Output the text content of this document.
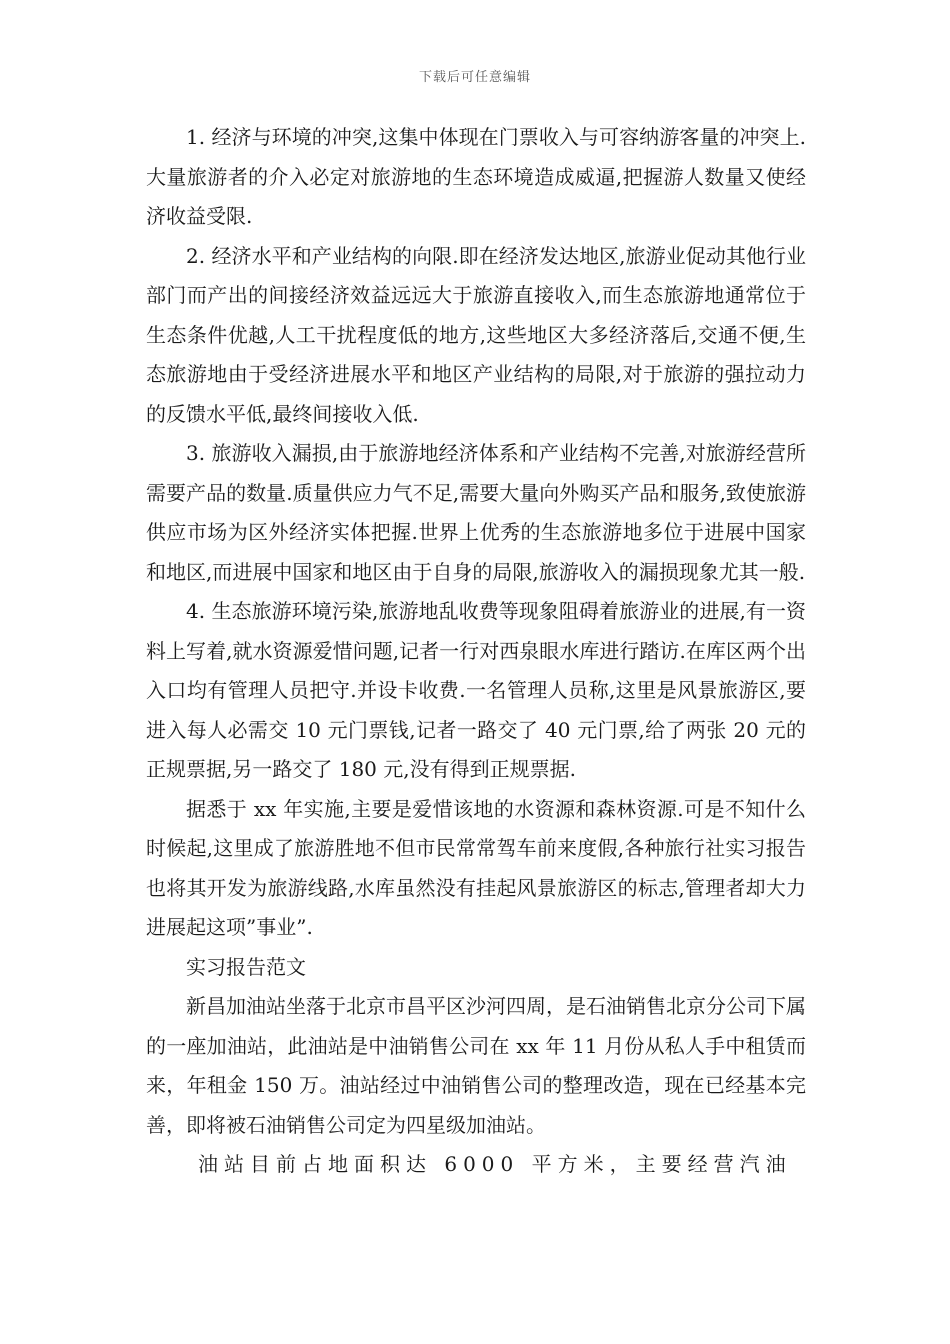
下载后可任意编辑

1. 经济与环境的冲突,这集中体现在门票收入与可容纳游客量的冲突上.大量旅游者的介入必定对旅游地的生态环境造成威逼,把握游人数量又使经济收益受限.

2. 经济水平和产业结构的向限.即在经济发达地区,旅游业促动其他行业部门而产出的间接经济效益远远大于旅游直接收入,而生态旅游地通常位于生态条件优越,人工干扰程度低的地方,这些地区大多经济落后,交通不便,生态旅游地由于受经济进展水平和地区产业结构的局限,对于旅游的强拉动力的反馈水平低,最终间接收入低.

3. 旅游收入漏损,由于旅游地经济体系和产业结构不完善,对旅游经营所需要产品的数量.质量供应力气不足,需要大量向外购买产品和服务,致使旅游供应市场为区外经济实体把握.世界上优秀的生态旅游地多位于进展中国家和地区,而进展中国家和地区由于自身的局限,旅游收入的漏损现象尤其一般.

4. 生态旅游环境污染,旅游地乱收费等现象阻碍着旅游业的进展,有一资料上写着,就水资源爱惜问题,记者一行对西泉眼水库进行踏访.在库区两个出入口均有管理人员把守.并设卡收费.一名管理人员称,这里是风景旅游区,要进入每人必需交 10 元门票钱,记者一路交了 40 元门票,给了两张 20 元的正规票据,另一路交了 180 元,没有得到正规票据.

据悉于 xx 年实施,主要是爱惜该地的水资源和森林资源.可是不知什么时候起,这里成了旅游胜地不但市民常常驾车前来度假,各种旅行社实习报告也将其开发为旅游线路,水库虽然没有挂起风景旅游区的标志,管理者却大力进展起这项”事业”.

实习报告范文

新昌加油站坐落于北京市昌平区沙河四周，是石油销售北京分公司下属的一座加油站，此油站是中油销售公司在 xx 年 11 月份从私人手中租赁而来，年租金 150 万。油站经过中油销售公司的整理改造，现在已经基本完善，即将被石油销售公司定为四星级加油站。

油站目前占地面积达 6000 平方米，主要经营汽油
